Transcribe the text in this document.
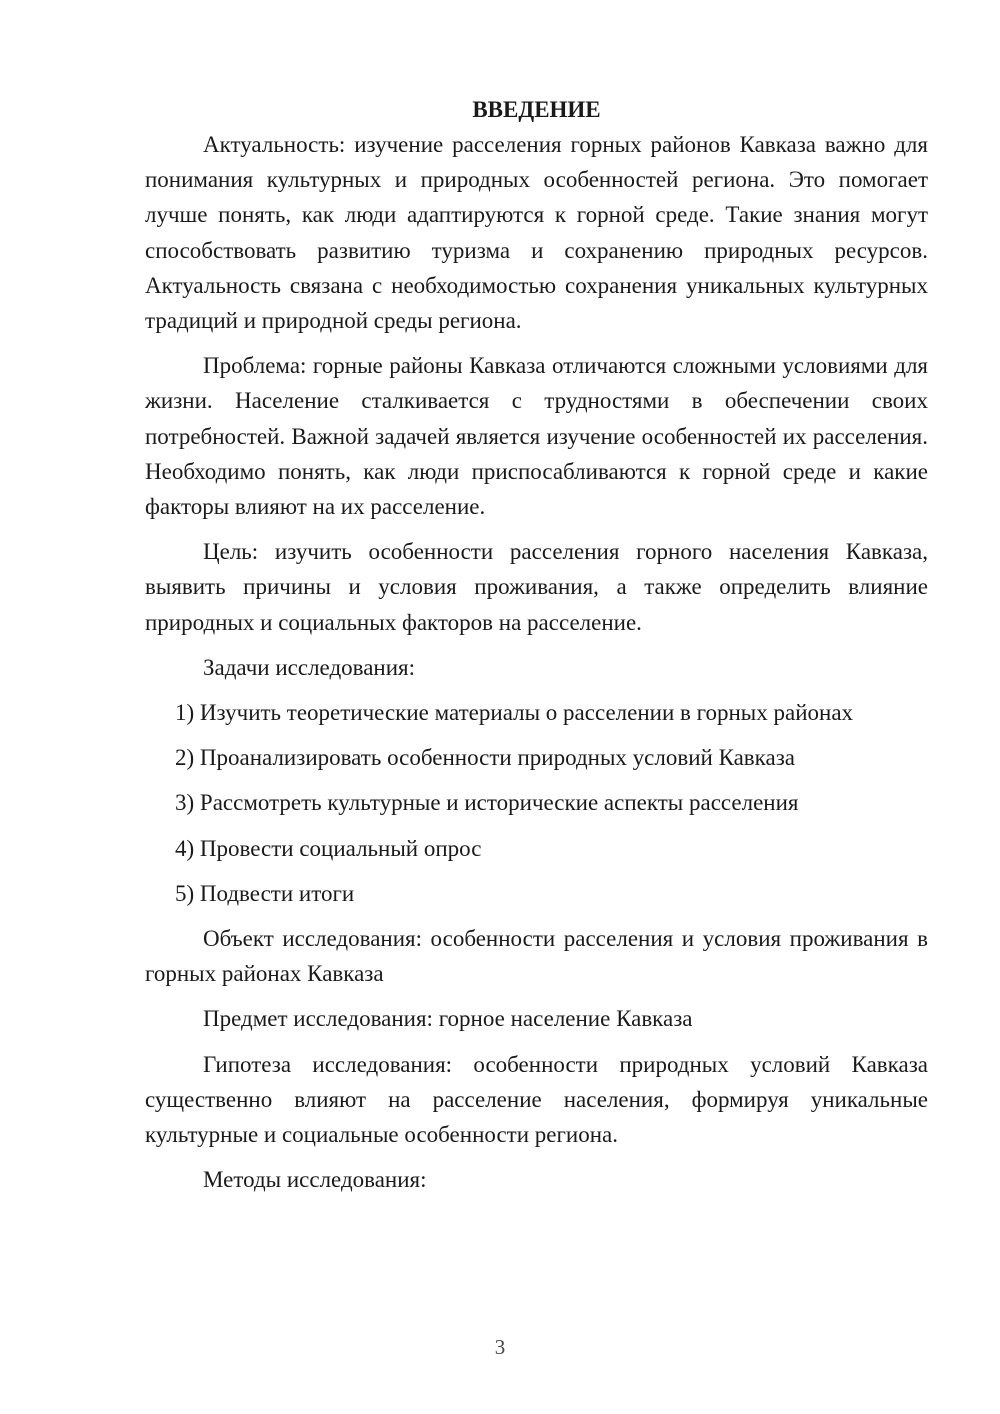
ВВЕДЕНИЕ

Актуальность: изучение расселения горных районов Кавказа важно для понимания культурных и природных особенностей региона. Это помогает лучше понять, как люди адаптируются к горной среде. Такие знания могут способствовать развитию туризма и сохранению природных ресурсов. Актуальность связана с необходимостью сохранения уникальных культурных традиций и природной среды региона.

Проблема: горные районы Кавказа отличаются сложными условиями для жизни. Население сталкивается с трудностями в обеспечении своих потребностей. Важной задачей является изучение особенностей их расселения. Необходимо понять, как люди приспосабливаются к горной среде и какие факторы влияют на их расселение.

Цель: изучить особенности расселения горного населения Кавказа, выявить причины и условия проживания, а также определить влияние природных и социальных факторов на расселение.

Задачи исследования:

1) Изучить теоретические материалы о расселении в горных районах
2) Проанализировать особенности природных условий Кавказа
3) Рассмотреть культурные и исторические аспекты расселения
4) Провести социальный опрос
5) Подвести итоги

Объект исследования: особенности расселения и условия проживания в горных районах Кавказа

Предмет исследования: горное население Кавказа

Гипотеза исследования: особенности природных условий Кавказа существенно влияют на расселение населения, формируя уникальные культурные и социальные особенности региона.

Методы исследования:

3
